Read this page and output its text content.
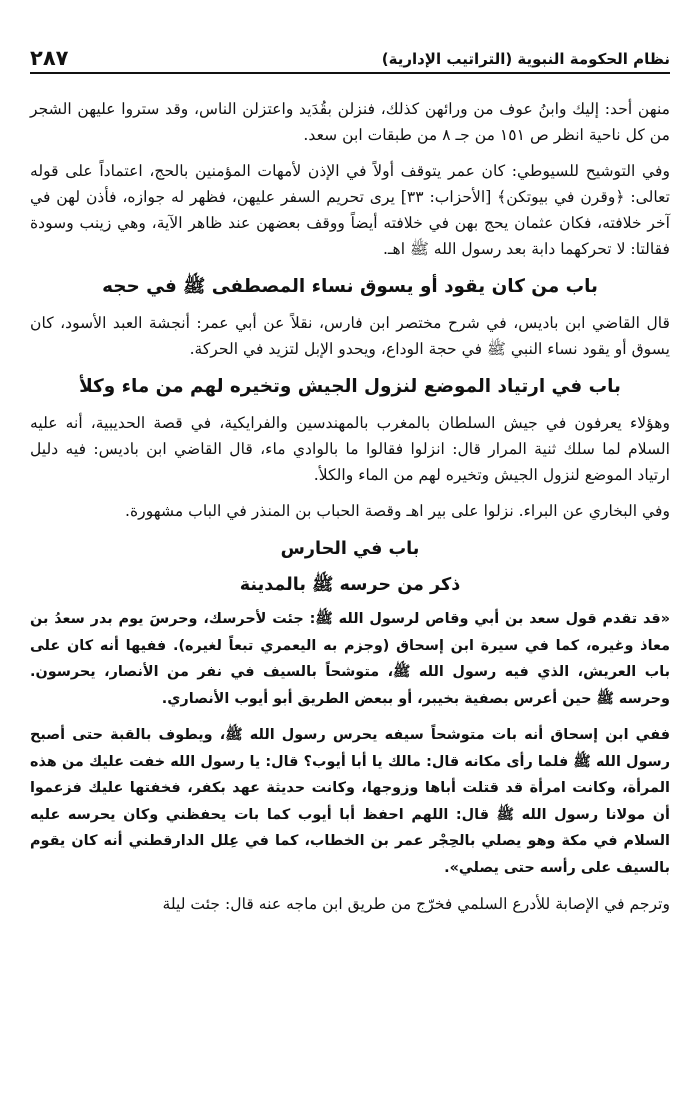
نظام الحكومة النبوية (التراتيب الإدارية)
٢٨٧

منهن أحد: إليك وابنُ عوف من ورائهن كذلك، فنزلن بقُدَيد واعتزلن الناس، وقد ستروا عليهن الشجر من كل ناحية انظر ص ١٥١ من جـ ٨ من طبقات ابن سعد.

وفي التوشيح للسيوطي: كان عمر يتوقف أولاً في الإذن لأمهات المؤمنين بالحج، اعتماداً على قوله تعالى: ﴿وقرن في بيوتكن﴾ [الأحزاب: ٣٣] يرى تحريم السفر عليهن، فظهر له جوازه، فأذن لهن في آخر خلافته، فكان عثمان يحج بهن في خلافته أيضاً ووقف بعضهن عند ظاهر الآية، وهي زينب وسودة فقالتا: لا تحركهما دابة بعد رسول الله ﷺ اهـ.

باب من كان يقود أو يسوق نساء المصطفى ﷺ في حجه

قال القاضي ابن باديس، في شرح مختصر ابن فارس، نقلاً عن أبي عمر: أنجشة العبد الأسود، كان يسوق أو يقود نساء النبي ﷺ في حجة الوداع، ويحدو الإبل لتزيد في الحركة.

باب في ارتياد الموضع لنزول الجيش وتخيره لهم من ماء وكلأ

وهؤلاء يعرفون في جيش السلطان بالمغرب بالمهندسين والفرايكية، في قصة الحديبية، أنه عليه السلام لما سلك ثنية المرار قال: انزلوا فقالوا ما بالوادي ماء، قال القاضي ابن باديس: فيه دليل ارتياد الموضع لنزول الجيش وتخيره لهم من الماء والكلأ.

وفي البخاري عن البراء. نزلوا على بير اهـ وقصة الحباب بن المنذر في الباب مشهورة.

باب في الحارس
ذكر من حرسه ﷺ بالمدينة

«قد تقدم قول سعد بن أبي وقاص لرسول الله ﷺ: جئت لأحرسك، وحرسَ يوم بدر سعدُ بن معاذ وغيره، كما في سيرة ابن إسحاق (وجزم به اليعمري تبعاً لغيره). ففيها أنه كان على باب العريش، الذي فيه رسول الله ﷺ، متوشحاً بالسيف في نفر من الأنصار، يحرسون. وحرسه ﷺ حين أعرس بصفية بخيبر، أو ببعض الطريق أبو أيوب الأنصاري.

ففي ابن إسحاق أنه بات متوشحاً سيفه يحرس رسول الله ﷺ، ويطوف بالقبة حتى أصبح رسول الله ﷺ فلما رأى مكانه قال: مالك يا أبا أيوب؟ قال: يا رسول الله خفت عليك من هذه المرأة، وكانت امرأة قد قتلت أباها وزوجها، وكانت حديثة عهد بكفر، فخفتها عليك فزعموا أن مولانا رسول الله ﷺ قال: اللهم احفظ أبا أيوب كما بات يحفظني وكان يحرسه عليه السلام في مكة وهو يصلي بالحِجْر عمر بن الخطاب، كما في عِلل الدارقطني أنه كان يقوم بالسيف على رأسه حتى يصلي».

وترجم في الإصابة للأدرع السلمي فخرّج من طريق ابن ماجه عنه قال: جئت ليلة
